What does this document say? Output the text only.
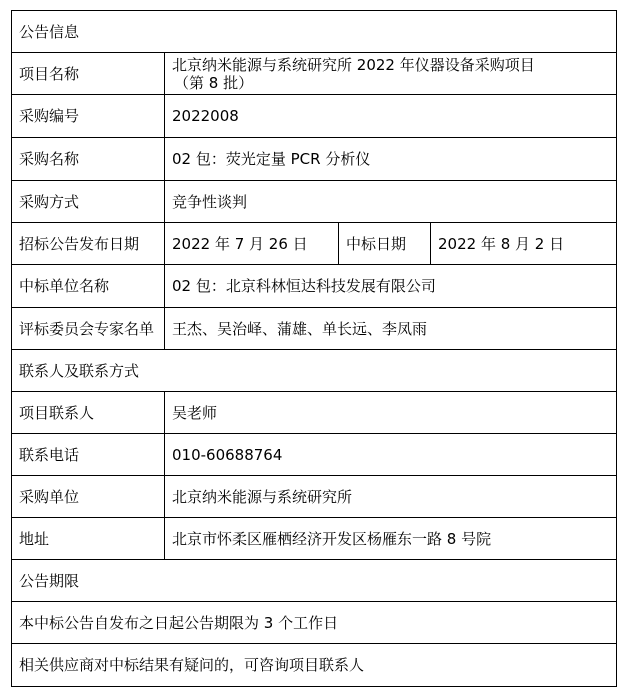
公告信息			
项目名称	北京纳米能源与系统研究所 2022 年仪器设备采购项目
（第 8 批）		

采购编号	2022008		
采购名称	02 包：荧光定量 PCR 分析仪		
采购方式	竞争性谈判		
招标公告发布日期	2022 年 7 月 26 日	中标日期	2022 年 8 月 2 日
中标单位名称	02 包：北京科林恒达科技发展有限公司		
评标委员会专家名单	王杰、吴治峄、蒲雄、单长远、李凤雨		
联系人及联系方式			
项目联系人	吴老师		
联系电话	010-60688764		
采购单位	北京纳米能源与系统研究所		
地址	北京市怀柔区雁栖经济开发区杨雁东一路 8 号院		
公告期限			
本中标公告自发布之日起公告期限为 3 个工作日			
相关供应商对中标结果有疑问的，可咨询项目联系人			
